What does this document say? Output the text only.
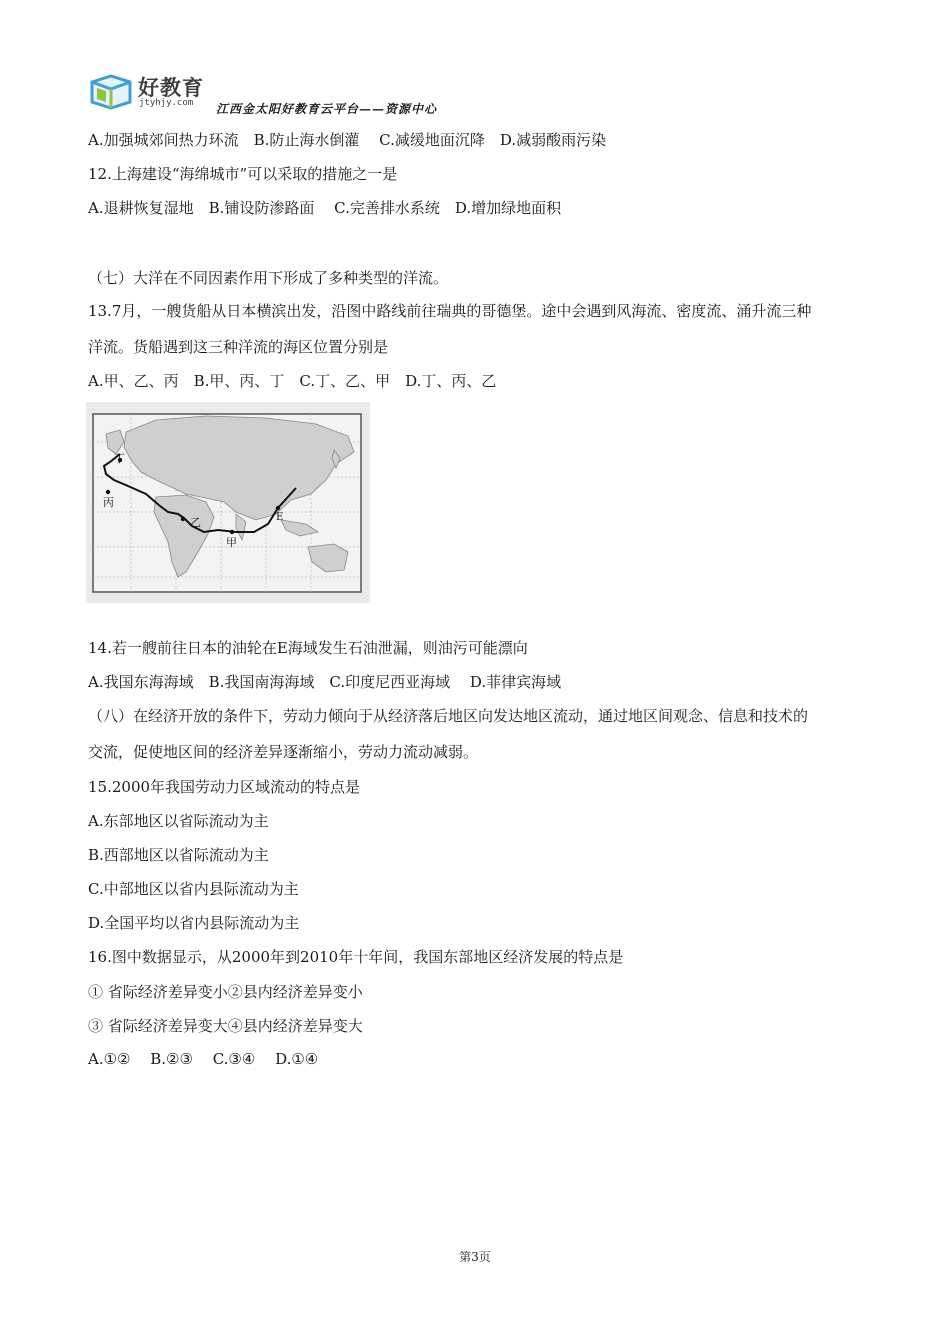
好教育
jtyhjy.com 江西金太阳好教育云平台——资源中心
A.加强城郊间热力环流　B.防止海水倒灌　 C.减缓地面沉降　D.减弱酸雨污染
12.上海建设“海绵城市”可以采取的措施之一是
A.退耕恢复湿地　B.铺设防渗路面　 C.完善排水系统　D.增加绿地面积
（七）大洋在不同因素作用下形成了多种类型的洋流。
13.7月，一艘货船从日本横滨出发，沿图中路线前往瑞典的哥德堡。途中会遇到风海流、密度流、涌升流三种
洋流。货船遇到这三种洋流的海区位置分别是
A.甲、乙、丙　B.甲、丙、丁　C.丁、乙、甲　D.丁、丙、乙
丁
丙
乙
甲
E
14.若一艘前往日本的油轮在E海域发生石油泄漏，则油污可能漂向
A.我国东海海域　B.我国南海海域　C.印度尼西亚海域　 D.菲律宾海域
（八）在经济开放的条件下，劳动力倾向于从经济落后地区向发达地区流动，通过地区间观念、信息和技术的
交流，促使地区间的经济差异逐渐缩小，劳动力流动减弱。
15.2000年我国劳动力区域流动的特点是
A.东部地区以省际流动为主
B.西部地区以省际流动为主
C.中部地区以省内县际流动为主
D.全国平均以省内县际流动为主
16.图中数据显示，从2000年到2010年十年间，我国东部地区经济发展的特点是
① 省际经济差异变小②县内经济差异变小
③ 省际经济差异变大④县内经济差异变大
A.①②　 B.②③　 C.③④　 D.①④
第3页
